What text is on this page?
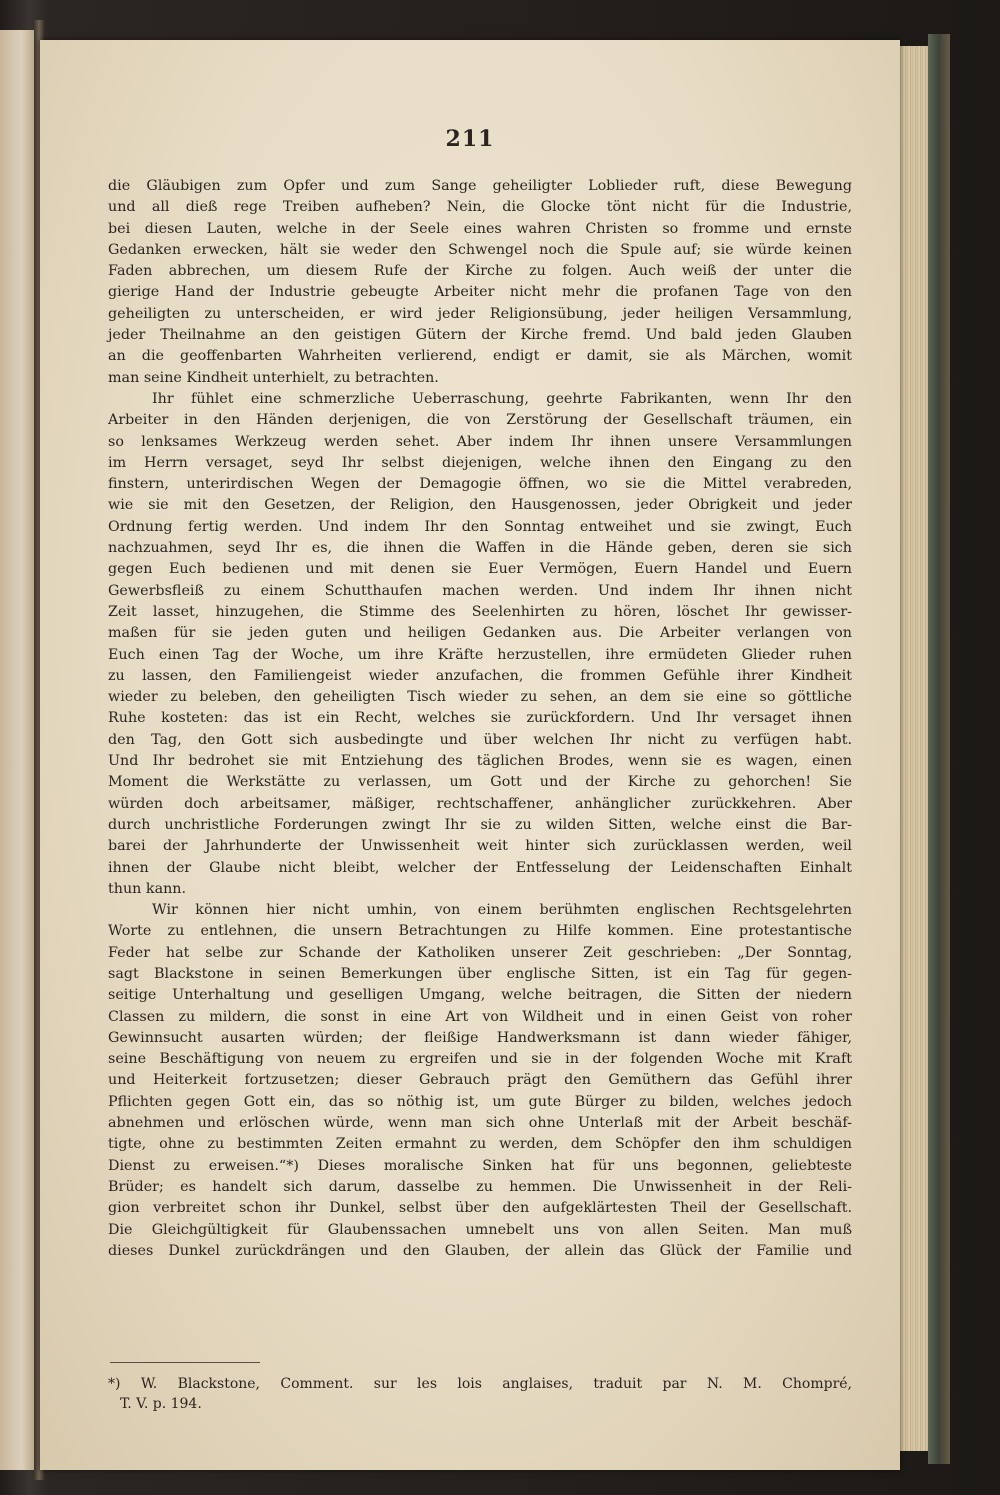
211
die Gläubigen zum Opfer und zum Sange geheiligter Loblieder ruft, diese Bewegung
und all dieß rege Treiben aufheben? Nein, die Glocke tönt nicht für die Industrie,
bei diesen Lauten, welche in der Seele eines wahren Christen so fromme und ernste
Gedanken erwecken, hält sie weder den Schwengel noch die Spule auf; sie würde keinen
Faden abbrechen, um diesem Rufe der Kirche zu folgen. Auch weiß der unter die
gierige Hand der Industrie gebeugte Arbeiter nicht mehr die profanen Tage von den
geheiligten zu unterscheiden, er wird jeder Religionsübung, jeder heiligen Versammlung,
jeder Theilnahme an den geistigen Gütern der Kirche fremd. Und bald jeden Glauben
an die geoffenbarten Wahrheiten verlierend, endigt er damit, sie als Märchen, womit
man seine Kindheit unterhielt, zu betrachten.
Ihr fühlet eine schmerzliche Ueberraschung, geehrte Fabrikanten, wenn Ihr den
Arbeiter in den Händen derjenigen, die von Zerstörung der Gesellschaft träumen, ein
so lenksames Werkzeug werden sehet. Aber indem Ihr ihnen unsere Versammlungen
im Herrn versaget, seyd Ihr selbst diejenigen, welche ihnen den Eingang zu den
finstern, unterirdischen Wegen der Demagogie öffnen, wo sie die Mittel verabreden,
wie sie mit den Gesetzen, der Religion, den Hausgenossen, jeder Obrigkeit und jeder
Ordnung fertig werden. Und indem Ihr den Sonntag entweihet und sie zwingt, Euch
nachzuahmen, seyd Ihr es, die ihnen die Waffen in die Hände geben, deren sie sich
gegen Euch bedienen und mit denen sie Euer Vermögen, Euern Handel und Euern
Gewerbsfleiß zu einem Schutthaufen machen werden. Und indem Ihr ihnen nicht
Zeit lasset, hinzugehen, die Stimme des Seelenhirten zu hören, löschet Ihr gewisser-
maßen für sie jeden guten und heiligen Gedanken aus. Die Arbeiter verlangen von
Euch einen Tag der Woche, um ihre Kräfte herzustellen, ihre ermüdeten Glieder ruhen
zu lassen, den Familiengeist wieder anzufachen, die frommen Gefühle ihrer Kindheit
wieder zu beleben, den geheiligten Tisch wieder zu sehen, an dem sie eine so göttliche
Ruhe kosteten: das ist ein Recht, welches sie zurückfordern. Und Ihr versaget ihnen
den Tag, den Gott sich ausbedingte und über welchen Ihr nicht zu verfügen habt.
Und Ihr bedrohet sie mit Entziehung des täglichen Brodes, wenn sie es wagen, einen
Moment die Werkstätte zu verlassen, um Gott und der Kirche zu gehorchen! Sie
würden doch arbeitsamer, mäßiger, rechtschaffener, anhänglicher zurückkehren. Aber
durch unchristliche Forderungen zwingt Ihr sie zu wilden Sitten, welche einst die Bar-
barei der Jahrhunderte der Unwissenheit weit hinter sich zurücklassen werden, weil
ihnen der Glaube nicht bleibt, welcher der Entfesselung der Leidenschaften Einhalt
thun kann.
Wir können hier nicht umhin, von einem berühmten englischen Rechtsgelehrten
Worte zu entlehnen, die unsern Betrachtungen zu Hilfe kommen. Eine protestantische
Feder hat selbe zur Schande der Katholiken unserer Zeit geschrieben: „Der Sonntag,
sagt Blackstone in seinen Bemerkungen über englische Sitten, ist ein Tag für gegen-
seitige Unterhaltung und geselligen Umgang, welche beitragen, die Sitten der niedern
Classen zu mildern, die sonst in eine Art von Wildheit und in einen Geist von roher
Gewinnsucht ausarten würden; der fleißige Handwerksmann ist dann wieder fähiger,
seine Beschäftigung von neuem zu ergreifen und sie in der folgenden Woche mit Kraft
und Heiterkeit fortzusetzen; dieser Gebrauch prägt den Gemüthern das Gefühl ihrer
Pflichten gegen Gott ein, das so nöthig ist, um gute Bürger zu bilden, welches jedoch
abnehmen und erlöschen würde, wenn man sich ohne Unterlaß mit der Arbeit beschäf-
tigte, ohne zu bestimmten Zeiten ermahnt zu werden, dem Schöpfer den ihm schuldigen
Dienst zu erweisen.“*) Dieses moralische Sinken hat für uns begonnen, geliebteste
Brüder; es handelt sich darum, dasselbe zu hemmen. Die Unwissenheit in der Reli-
gion verbreitet schon ihr Dunkel, selbst über den aufgeklärtesten Theil der Gesellschaft.
Die Gleichgültigkeit für Glaubenssachen umnebelt uns von allen Seiten. Man muß
dieses Dunkel zurückdrängen und den Glauben, der allein das Glück der Familie und
*) W. Blackstone, Comment. sur les lois anglaises, traduit par N. M. Chompré,
T. V. p. 194.
